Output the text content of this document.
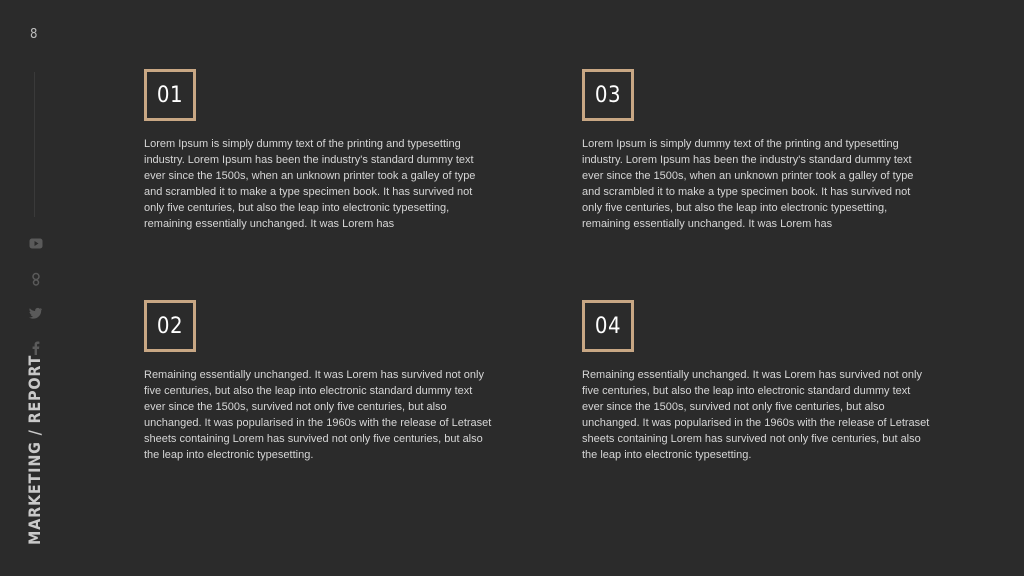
8
MARKETING / REPORT
01

Lorem Ipsum is simply dummy text of the printing and typesetting industry. Lorem Ipsum has been the industry's standard dummy text ever since the 1500s, when an unknown printer took a galley of type and scrambled it to make a type specimen book. It has survived not only five centuries, but also the leap into electronic typesetting, remaining essentially unchanged. It was Lorem has

02

Remaining essentially unchanged. It was Lorem has survived not only five centuries, but also the leap into electronic standard dummy text ever since the 1500s, survived not only five centuries, but also unchanged. It was popularised in the 1960s with the release of Letraset sheets containing Lorem has survived not only five centuries, but also the leap into electronic typesetting.

03

Lorem Ipsum is simply dummy text of the printing and typesetting industry. Lorem Ipsum has been the industry's standard dummy text ever since the 1500s, when an unknown printer took a galley of type and scrambled it to make a type specimen book. It has survived not only five centuries, but also the leap into electronic typesetting, remaining essentially unchanged. It was Lorem has

04

Remaining essentially unchanged. It was Lorem has survived not only five centuries, but also the leap into electronic standard dummy text ever since the 1500s, survived not only five centuries, but also unchanged. It was popularised in the 1960s with the release of Letraset sheets containing Lorem has survived not only five centuries, but also the leap into electronic typesetting.
